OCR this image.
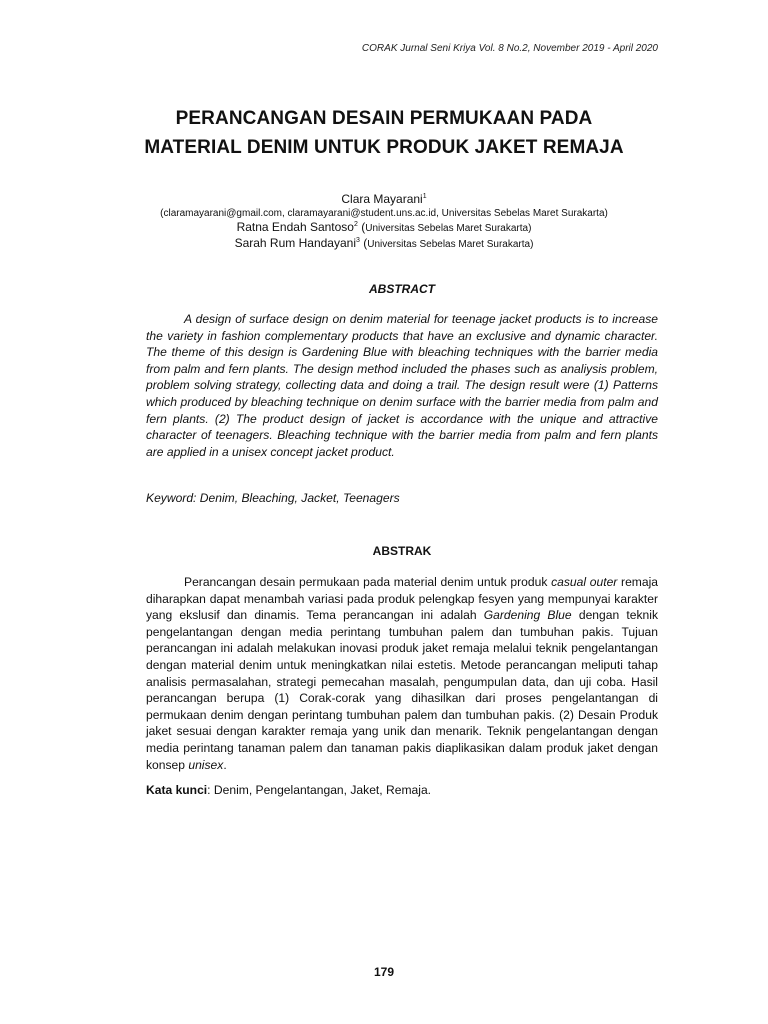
CORAK Jurnal Seni Kriya Vol. 8 No.2, November 2019 - April 2020
PERANCANGAN DESAIN PERMUKAAN PADA
MATERIAL DENIM UNTUK PRODUK JAKET REMAJA
Clara Mayarani$^1$
(claramayarani@gmail.com, claramayarani@student.uns.ac.id, Universitas Sebelas Maret Surakarta)
Ratna Endah Santoso$^2$ (Universitas Sebelas Maret Surakarta)
Sarah Rum Handayani$^3$ (Universitas Sebelas Maret Surakarta)
ABSTRACT
A design of surface design on denim material for teenage jacket products is to increase the variety in fashion complementary products that have an exclusive and dynamic character. The theme of this design is Gardening Blue with bleaching techniques with the barrier media from palm and fern plants. The design method included the phases such as analiysis problem, problem solving strategy, collecting data and doing a trail. The design result were (1) Patterns which produced by bleaching technique on denim surface with the barrier media from palm and fern plants. (2) The product design of jacket is accordance with the unique and attractive character of teenagers. Bleaching technique with the barrier media from palm and fern plants are applied in a unisex concept jacket product.
Keyword: Denim, Bleaching, Jacket, Teenagers
ABSTRAK
Perancangan desain permukaan pada material denim untuk produk casual outer remaja diharapkan dapat menambah variasi pada produk pelengkap fesyen yang mempunyai karakter yang ekslusif dan dinamis. Tema perancangan ini adalah Gardening Blue dengan teknik pengelantangan dengan media perintang tumbuhan palem dan tumbuhan pakis. Tujuan perancangan ini adalah melakukan inovasi produk jaket remaja melalui teknik pengelantangan dengan material denim untuk meningkatkan nilai estetis. Metode perancangan meliputi tahap analisis permasalahan, strategi pemecahan masalah, pengumpulan data, dan uji coba. Hasil perancangan berupa (1) Corak-corak yang dihasilkan dari proses pengelantangan di permukaan denim dengan perintang tumbuhan palem dan tumbuhan pakis. (2) Desain Produk jaket sesuai dengan karakter remaja yang unik dan menarik. Teknik pengelantangan dengan media perintang tanaman palem dan tanaman pakis diaplikasikan dalam produk jaket dengan konsep unisex.
Kata kunci: Denim, Pengelantangan, Jaket, Remaja.
179
